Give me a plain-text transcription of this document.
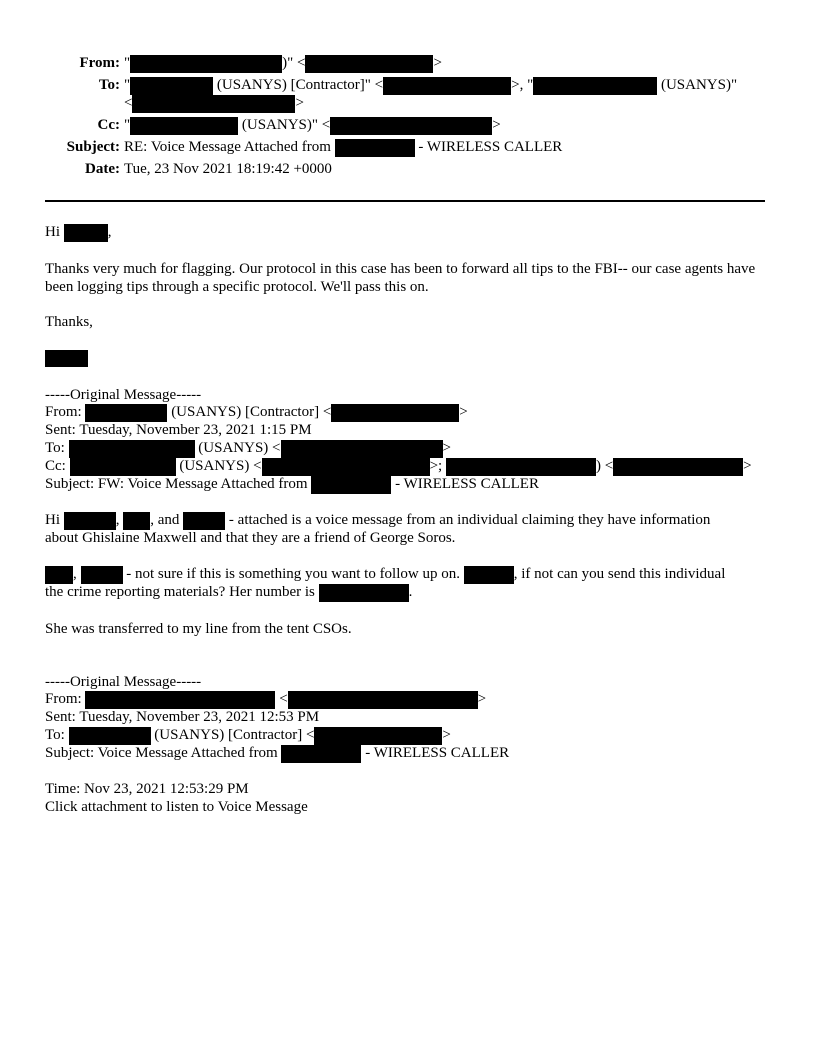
From: "	)" <	>
To: "	(USANYS) [Contractor]" <	>, "	(USANYS)"
<	>
Cc: "	(USANYS)" <	>
Subject: RE: Voice Message Attached from	- WIRELESS CALLER
Date: Tue, 23 Nov 2021 18:19:42 +0000
Hi	,
Thanks very much for flagging. Our protocol in this case has been to forward all tips to the FBI-- our case agents have been logging tips through a specific protocol. We'll pass this on.
Thanks,
-----Original Message-----
From:	(USANYS) [Contractor] <	>
Sent: Tuesday, November 23, 2021 1:15 PM
To:	(USANYS) <	>
Cc:	(USANYS) <	>;	) <	>
Subject: FW: Voice Message Attached from	- WIRELESS CALLER
Hi	, , and	- attached is a voice message from an individual claiming they have information
about Ghislaine Maxwell and that they are a friend of George Soros.
,	- not sure if this is something you want to follow up on.	, if not can you send this individual
the crime reporting materials? Her number is	.
She was transferred to my line from the tent CSOs.
-----Original Message-----
From:	<	>
Sent: Tuesday, November 23, 2021 12:53 PM
To:	(USANYS) [Contractor] <	>
Subject: Voice Message Attached from	- WIRELESS CALLER
Time: Nov 23, 2021 12:53:29 PM
Click attachment to listen to Voice Message
